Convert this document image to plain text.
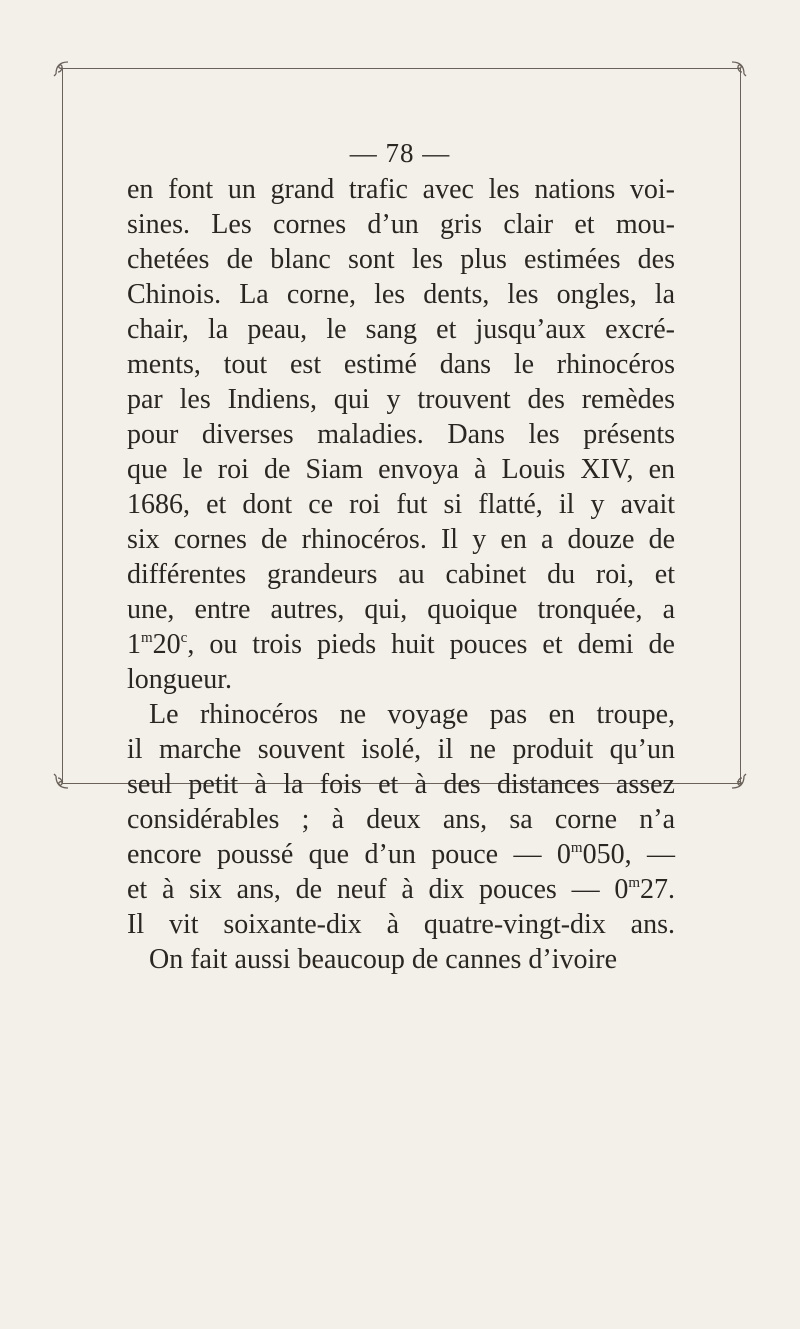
— 78 —
en font un grand trafic avec les nations voi-
sines. Les cornes d’un gris clair et mou-
chetées de blanc sont les plus estimées des
Chinois. La corne, les dents, les ongles, la
chair, la peau, le sang et jusqu’aux excré-
ments, tout est estimé dans le rhinocéros
par les Indiens, qui y trouvent des remèdes
pour diverses maladies. Dans les présents
que le roi de Siam envoya à Louis XIV, en
1686, et dont ce roi fut si flatté, il y avait
six cornes de rhinocéros. Il y en a douze de
différentes grandeurs au cabinet du roi, et
une, entre autres, qui, quoique tronquée, a
1$^m$20$^c$, ou trois pieds huit pouces et demi de
longueur.
Le rhinocéros ne voyage pas en troupe,
il marche souvent isolé, il ne produit qu’un
seul petit à la fois et à des distances assez
considérables ; à deux ans, sa corne n’a
encore poussé que d’un pouce — 0$^m$050, —
et à six ans, de neuf à dix pouces — 0$^m$27.
Il vit soixante-dix à quatre-vingt-dix ans.
On fait aussi beaucoup de cannes d’ivoire
